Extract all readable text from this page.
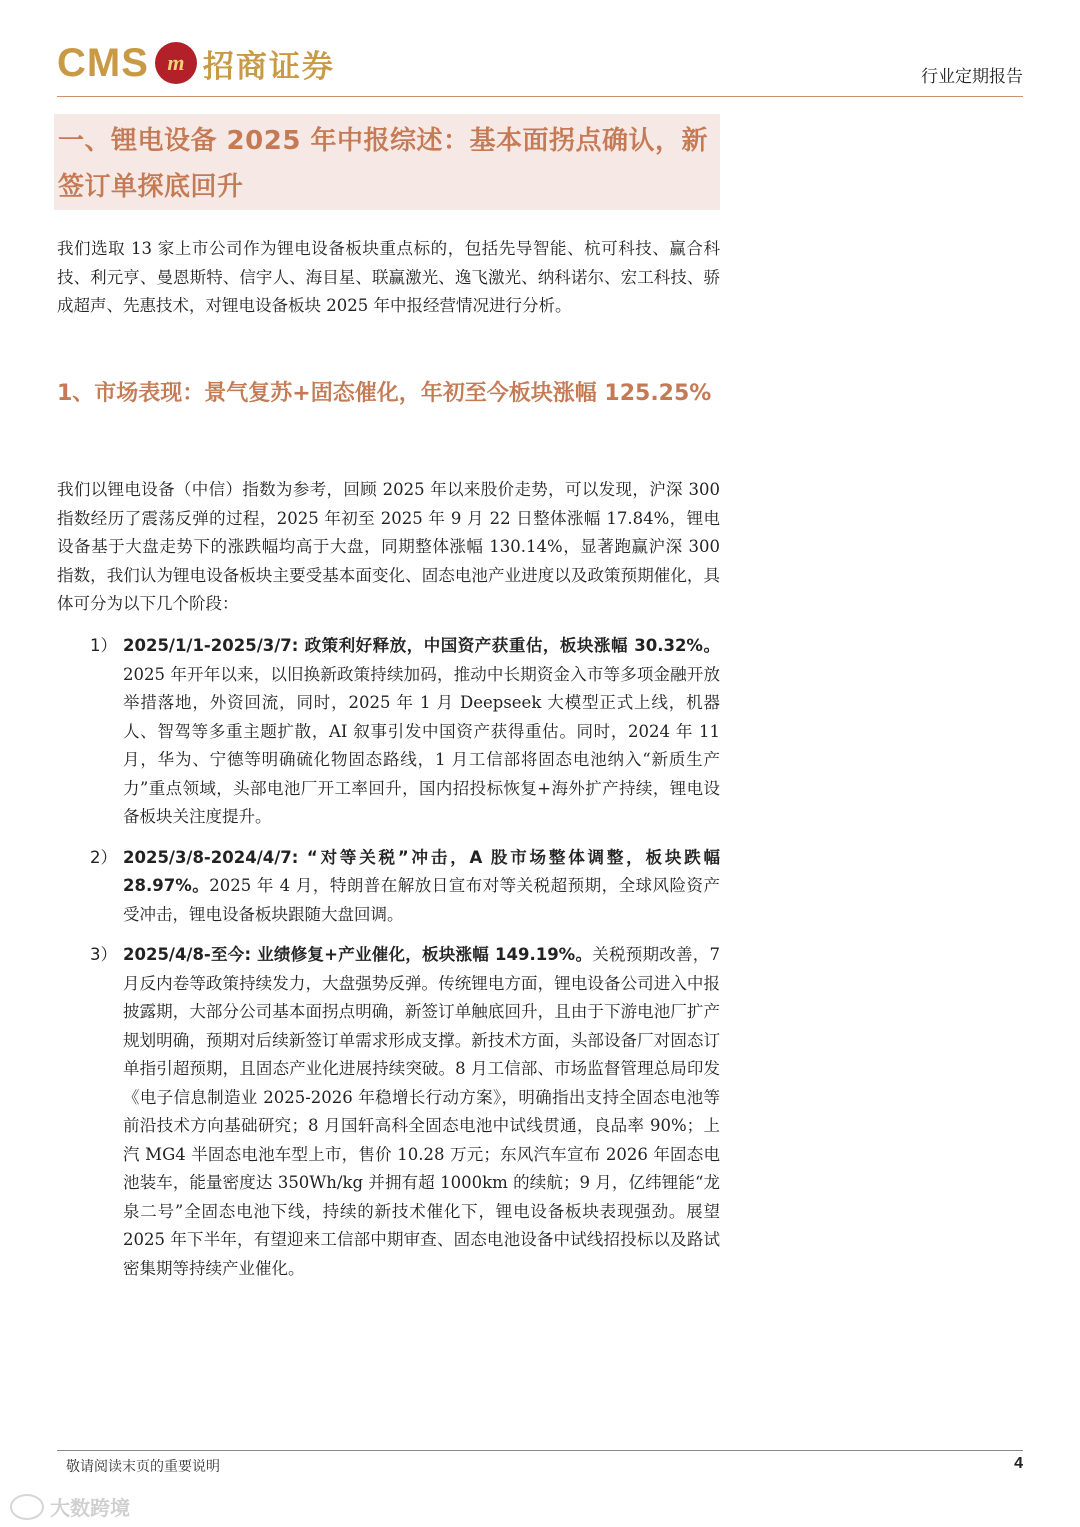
CMS m 招商证券	行业定期报告
一、锂电设备 2025 年中报综述：基本面拐点确认，新签订单探底回升
我们选取 13 家上市公司作为锂电设备板块重点标的，包括先导智能、杭可科技、赢合科技、利元亨、曼恩斯特、信宇人、海目星、联赢激光、逸飞激光、纳科诺尔、宏工科技、骄成超声、先惠技术，对锂电设备板块 2025 年中报经营情况进行分析。
1、市场表现：景气复苏+固态催化，年初至今板块涨幅 125.25%
我们以锂电设备（中信）指数为参考，回顾 2025 年以来股价走势，可以发现，沪深 300 指数经历了震荡反弹的过程，2025 年初至 2025 年 9 月 22 日整体涨幅 17.84%，锂电设备基于大盘走势下的涨跌幅均高于大盘，同期整体涨幅 130.14%，显著跑赢沪深 300 指数，我们认为锂电设备板块主要受基本面变化、固态电池产业进度以及政策预期催化，具体可分为以下几个阶段：
1） 2025/1/1-2025/3/7: 政策利好释放，中国资产获重估，板块涨幅 30.32%。2025 年开年以来，以旧换新政策持续加码，推动中长期资金入市等多项金融开放举措落地，外资回流，同时，2025 年 1 月 Deepseek 大模型正式上线，机器人、智驾等多重主题扩散，AI 叙事引发中国资产获得重估。同时，2024 年 11 月，华为、宁德等明确硫化物固态路线，1 月工信部将固态电池纳入“新质生产力”重点领域，头部电池厂开工率回升，国内招投标恢复+海外扩产持续，锂电设备板块关注度提升。
2） 2025/3/8-2024/4/7: “对等关税”冲击，A 股市场整体调整，板块跌幅 28.97%。2025 年 4 月，特朗普在解放日宣布对等关税超预期，全球风险资产受冲击，锂电设备板块跟随大盘回调。
3） 2025/4/8-至今: 业绩修复+产业催化，板块涨幅 149.19%。关税预期改善，7 月反内卷等政策持续发力，大盘强势反弹。传统锂电方面，锂电设备公司进入中报披露期，大部分公司基本面拐点明确，新签订单触底回升，且由于下游电池厂扩产规划明确，预期对后续新签订单需求形成支撑。新技术方面，头部设备厂对固态订单指引超预期，且固态产业化进展持续突破。8 月工信部、市场监督管理总局印发《电子信息制造业 2025-2026 年稳增长行动方案》，明确指出支持全固态电池等前沿技术方向基础研究；8 月国轩高科全固态电池中试线贯通，良品率 90%；上汽 MG4 半固态电池车型上市，售价 10.28 万元；东风汽车宣布 2026 年固态电池装车，能量密度达 350Wh/kg 并拥有超 1000km 的续航；9 月，亿纬锂能“龙泉二号”全固态电池下线，持续的新技术催化下，锂电设备板块表现强劲。展望 2025 年下半年，有望迎来工信部中期审查、固态电池设备中试线招投标以及路试密集期等持续产业催化。
敬请阅读末页的重要说明	4
大数跨境
